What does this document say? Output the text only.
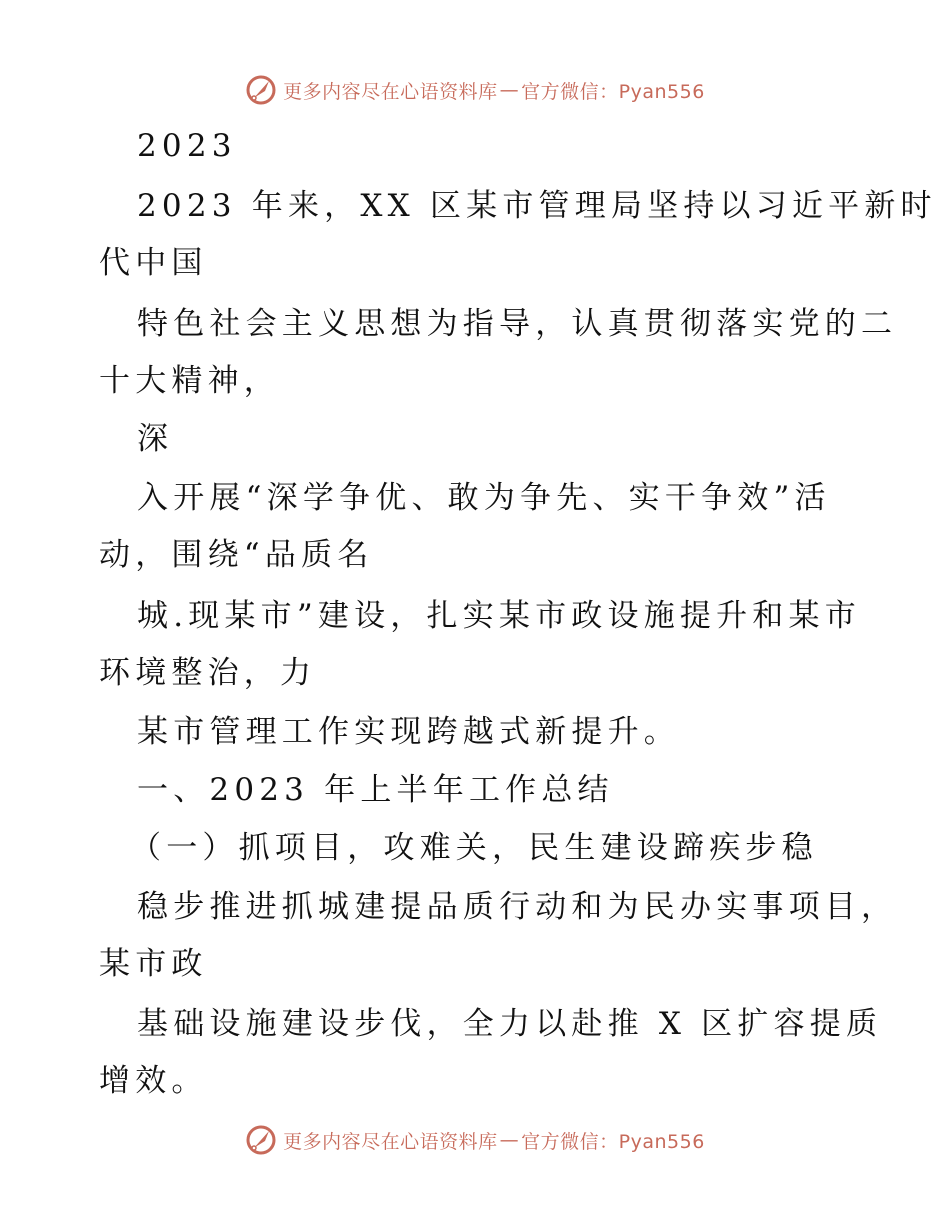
更多内容尽在心语资料库 — 官方微信：Pyan556
2023
2023 年来，XX 区某市管理局坚持以习近平新时
代中国
特色社会主义思想为指导，认真贯彻落实党的二
十大精神，
深
入开展“深学争优、敢为争先、实干争效”活
动，围绕“品质名
城.现某市”建设，扎实某市政设施提升和某市
环境整治，力
某市管理工作实现跨越式新提升。
一、2023 年上半年工作总结
（一）抓项目，攻难关，民生建设蹄疾步稳
稳步推进抓城建提品质行动和为民办实事项目，
某市政
基础设施建设步伐，全力以赴推 X 区扩容提质
增效。
更多内容尽在心语资料库 — 官方微信：Pyan556
